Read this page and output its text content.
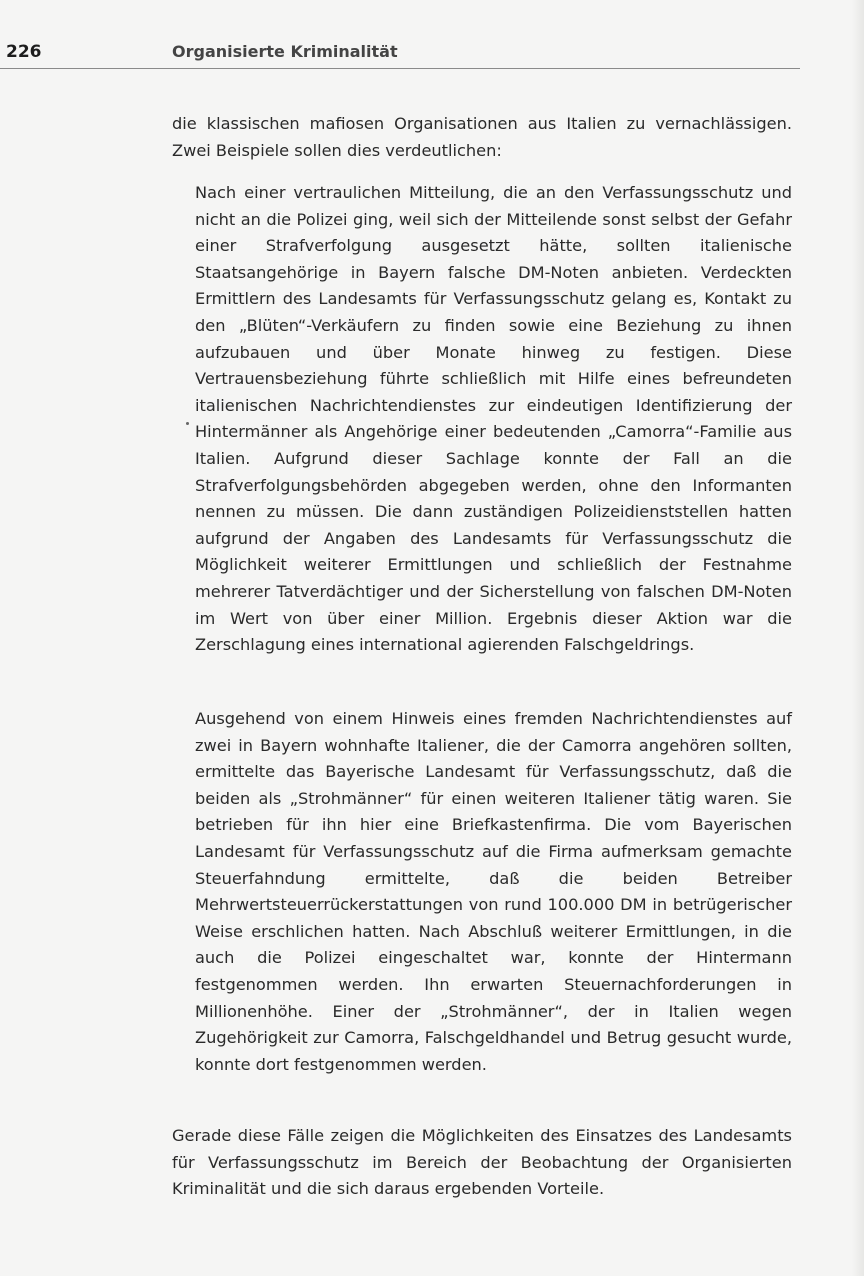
226	Organisierte Kriminalität

die klassischen mafiosen Organisationen aus Italien zu vernachlässigen. Zwei Beispiele sollen dies verdeutlichen:

Nach einer vertraulichen Mitteilung, die an den Verfassungsschutz und nicht an die Polizei ging, weil sich der Mitteilende sonst selbst der Gefahr einer Strafverfolgung ausgesetzt hätte, sollten italienische Staatsangehörige in Bayern falsche DM-Noten anbieten. Verdeckten Ermittlern des Landesamts für Verfassungsschutz gelang es, Kontakt zu den „Blüten“-Verkäufern zu finden sowie eine Beziehung zu ihnen aufzubauen und über Monate hinweg zu festigen. Diese Vertrauensbeziehung führte schließlich mit Hilfe eines befreundeten italienischen Nachrichtendienstes zur eindeutigen Identifizierung der Hintermänner als Angehörige einer bedeutenden „Camorra“-Familie aus Italien. Aufgrund dieser Sachlage konnte der Fall an die Strafverfolgungsbehörden abgegeben werden, ohne den Informanten nennen zu müssen. Die dann zuständigen Polizeidienststellen hatten aufgrund der Angaben des Landesamts für Verfassungsschutz die Möglichkeit weiterer Ermittlungen und schließlich der Festnahme mehrerer Tatverdächtiger und der Sicherstellung von falschen DM-Noten im Wert von über einer Million. Ergebnis dieser Aktion war die Zerschlagung eines international agierenden Falschgeldrings.

Ausgehend von einem Hinweis eines fremden Nachrichtendienstes auf zwei in Bayern wohnhafte Italiener, die der Camorra angehören sollten, ermittelte das Bayerische Landesamt für Verfassungsschutz, daß die beiden als „Strohmänner“ für einen weiteren Italiener tätig waren. Sie betrieben für ihn hier eine Briefkastenfirma. Die vom Bayerischen Landesamt für Verfassungsschutz auf die Firma aufmerksam gemachte Steuerfahndung ermittelte, daß die beiden Betreiber Mehrwertsteuerrückerstattungen von rund 100.000 DM in betrügerischer Weise erschlichen hatten. Nach Abschluß weiterer Ermittlungen, in die auch die Polizei eingeschaltet war, konnte der Hintermann festgenommen werden. Ihn erwarten Steuernachforderungen in Millionenhöhe. Einer der „Strohmänner“, der in Italien wegen Zugehörigkeit zur Camorra, Falschgeldhandel und Betrug gesucht wurde, konnte dort festgenommen werden.

Gerade diese Fälle zeigen die Möglichkeiten des Einsatzes des Landesamts für Verfassungsschutz im Bereich der Beobachtung der Organisierten Kriminalität und die sich daraus ergebenden Vorteile.
